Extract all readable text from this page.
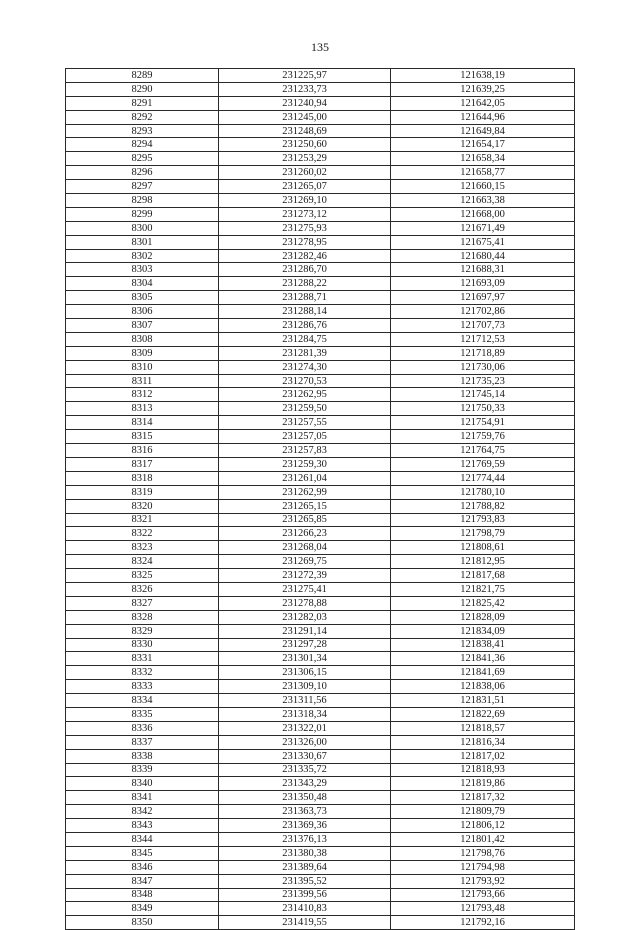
135
8289	231225,97	121638,19
8290	231233,73	121639,25
8291	231240,94	121642,05
8292	231245,00	121644,96
8293	231248,69	121649,84
8294	231250,60	121654,17
8295	231253,29	121658,34
8296	231260,02	121658,77
8297	231265,07	121660,15
8298	231269,10	121663,38
8299	231273,12	121668,00
8300	231275,93	121671,49
8301	231278,95	121675,41
8302	231282,46	121680,44
8303	231286,70	121688,31
8304	231288,22	121693,09
8305	231288,71	121697,97
8306	231288,14	121702,86
8307	231286,76	121707,73
8308	231284,75	121712,53
8309	231281,39	121718,89
8310	231274,30	121730,06
8311	231270,53	121735,23
8312	231262,95	121745,14
8313	231259,50	121750,33
8314	231257,55	121754,91
8315	231257,05	121759,76
8316	231257,83	121764,75
8317	231259,30	121769,59
8318	231261,04	121774,44
8319	231262,99	121780,10
8320	231265,15	121788,82
8321	231265,85	121793,83
8322	231266,23	121798,79
8323	231268,04	121808,61
8324	231269,75	121812,95
8325	231272,39	121817,68
8326	231275,41	121821,75
8327	231278,88	121825,42
8328	231282,03	121828,09
8329	231291,14	121834,09
8330	231297,28	121838,41
8331	231301,34	121841,36
8332	231306,15	121841,69
8333	231309,10	121838,06
8334	231311,56	121831,51
8335	231318,34	121822,69
8336	231322,01	121818,57
8337	231326,00	121816,34
8338	231330,67	121817,02
8339	231335,72	121818,93
8340	231343,29	121819,86
8341	231350,48	121817,32
8342	231363,73	121809,79
8343	231369,36	121806,12
8344	231376,13	121801,42
8345	231380,38	121798,76
8346	231389,64	121794,98
8347	231395,52	121793,92
8348	231399,56	121793,66
8349	231410,83	121793,48
8350	231419,55	121792,16
